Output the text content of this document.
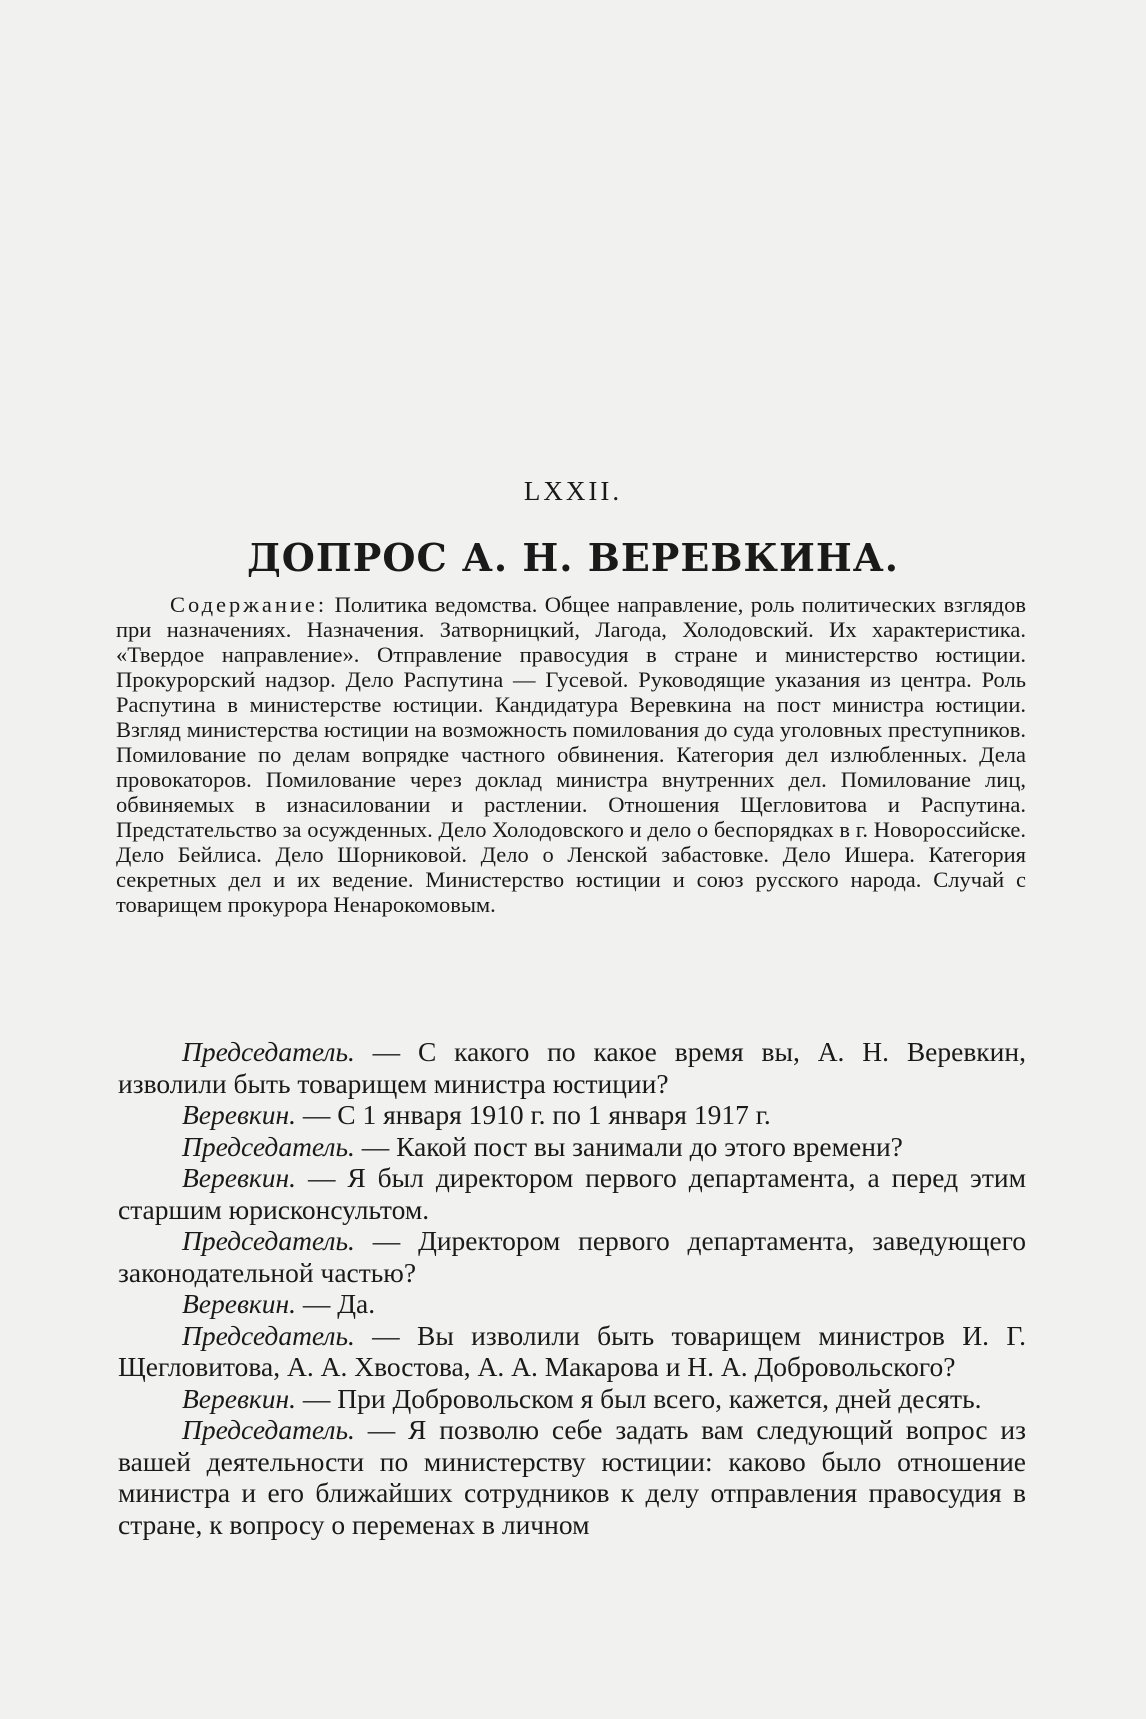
LXXII.
ДОПРОС А. Н. ВЕРЕВКИНА.
Содержание: Политика ведомства. Общее направление, роль политических взглядов при назначениях. Назначения. Затворницкий, Лагода, Холодовский. Их характеристика. «Твердое направление». Отправление правосудия в стране и министерство юстиции. Прокурорский надзор. Дело Распутина — Гусевой. Руководящие указания из центра. Роль Распутина в министерстве юстиции. Кандидатура Веревкина на пост министра юстиции. Взгляд министерства юстиции на возможность помилования до суда уголовных преступников. Помилование по делам вопрядке частного обвинения. Категория дел излюбленных. Дела провокаторов. Помилование через доклад министра внутренних дел. Помилование лиц, обвиняемых в изнасиловании и растлении. Отношения Щегловитова и Распутина. Предстательство за осужденных. Дело Холодовского и дело о беспорядках в г. Новороссийске. Дело Бейлиса. Дело Шорниковой. Дело о Ленской забастовке. Дело Ишера. Категория секретных дел и их ведение. Министерство юстиции и союз русского народа. Случай с товарищем прокурора Ненарокомовым.

Председатель. — С какого по какое время вы, А. Н. Веревкин, изволили быть товарищем министра юстиции?

Веревкин. — С 1 января 1910 г. по 1 января 1917 г.

Председатель. — Какой пост вы занимали до этого времени?

Веревкин. — Я был директором первого департамента, а перед этим старшим юрисконсультом.

Председатель. — Директором первого департамента, заведующего законодательной частью?

Веревкин. — Да.

Председатель. — Вы изволили быть товарищем министров И. Г. Щегловитова, А. А. Хвостова, А. А. Макарова и Н. А. Добровольского?

Веревкин. — При Добровольском я был всего, кажется, дней десять.

Председатель. — Я позволю себе задать вам следующий вопрос из вашей деятельности по министерству юстиции: каково было отношение министра и его ближайших сотрудников к делу отправления правосудия в стране, к вопросу о переменах в личном
